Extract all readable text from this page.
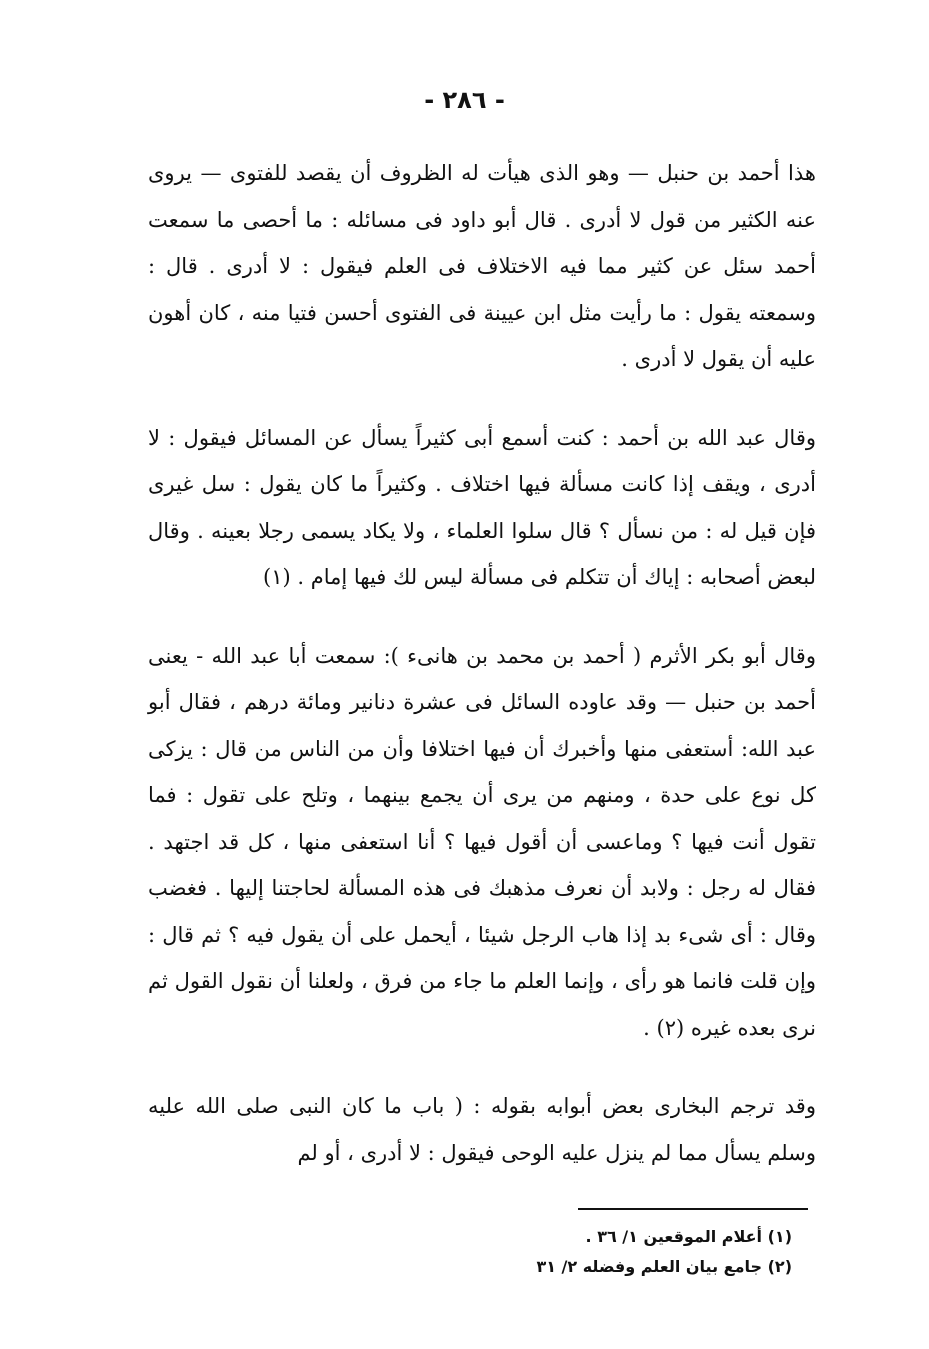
- ٢٨٦ -

هذا أحمد بن حنبل — وهو الذى هيأت له الظروف أن يقصد للفتوى — يروى عنه الكثير من قول لا أدرى . قال أبو داود فى مسائله : ما أحصى ما سمعت أحمد سئل عن كثير مما فيه الاختلاف فى العلم فيقول : لا أدرى . قال : وسمعته يقول : ما رأيت مثل ابن عيينة فى الفتوى أحسن فتيا منه ، كان أهون عليه أن يقول لا أدرى .

وقال عبد الله بن أحمد : كنت أسمع أبى كثيراً يسأل عن المسائل فيقول : لا أدرى ، ويقف إذا كانت مسألة فيها اختلاف . وكثيراً ما كان يقول : سل غيرى فإن قيل له : من نسأل ؟ قال سلوا العلماء ، ولا يكاد يسمى رجلا بعينه . وقال لبعض أصحابه : إياك أن تتكلم فى مسألة ليس لك فيها إمام . (١)

وقال أبو بكر الأثرم ( أحمد بن محمد بن هانىء ): سمعت أبا عبد الله - يعنى أحمد بن حنبل — وقد عاوده السائل فى عشرة دنانير ومائة درهم ، فقال أبو عبد الله: أستعفى منها وأخبرك أن فيها اختلافا وأن من الناس من قال : يزكى كل نوع على حدة ، ومنهم من يرى أن يجمع بينهما ، وتلح على تقول : فما تقول أنت فيها ؟ وماعسى أن أقول فيها ؟ أنا استعفى منها ، كل قد اجتهد . فقال له رجل : ولابد أن نعرف مذهبك فى هذه المسألة لحاجتنا إليها . فغضب وقال : أى شىء بد إذا هاب الرجل شيئا ، أيحمل على أن يقول فيه ؟ ثم قال : وإن قلت فانما هو رأى ، وإنما العلم ما جاء من فرق ، ولعلنا أن نقول القول ثم نرى بعده غيره (٢) .

وقد ترجم البخارى بعض أبوابه بقوله : ( باب ما كان النبى صلى الله عليه وسلم يسأل مما لم ينزل عليه الوحى فيقول : لا أدرى ، أو لم

(١) أعلام الموقعين ١/ ٣٦ .

(٢) جامع بيان العلم وفضله ٢/ ٣١
